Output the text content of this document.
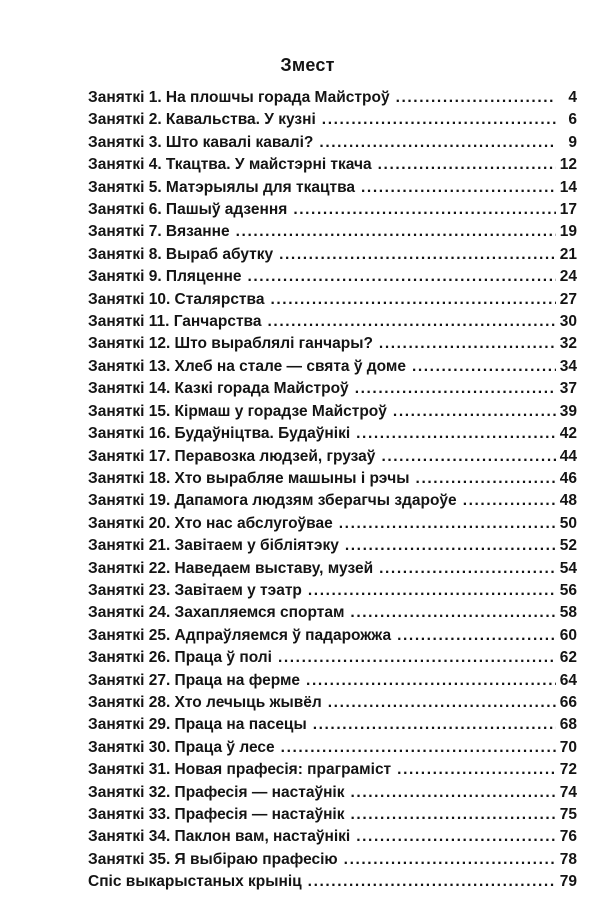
Змест
Заняткі 1. На плошчы горада Майстроў .....	4
Заняткі 2. Кавальства. У кузні .....	6
Заняткі 3. Што кавалі кавалі? .....	9
Заняткі 4. Ткацтва. У майстэрні ткача .....	12
Заняткі 5. Матэрыялы для ткацтва .....	14
Заняткі 6. Пашыў адзення .....	17
Заняткі 7. Вязанне .....	19
Заняткі 8. Выраб абутку .....	21
Заняткі 9. Пляценне .....	24
Заняткі 10. Сталярства .....	27
Заняткі 11. Ганчарства .....	30
Заняткі 12. Што выраблялі ганчары? .....	32
Заняткі 13. Хлеб на стале — свята ў доме .....	34
Заняткі 14. Казкі горада Майстроў .....	37
Заняткі 15. Кірмаш у горадзе Майстроў .....	39
Заняткі 16. Будаўніцтва. Будаўнікі .....	42
Заняткі 17. Перавозка людзей, грузаў .....	44
Заняткі 18. Хто вырабляе машыны і рэчы .....	46
Заняткі 19. Дапамога людзям зберагчы здароўе .....	48
Заняткі 20. Хто нас абслугоўвае .....	50
Заняткі 21. Завітаем у бібліятэку .....	52
Заняткі 22. Наведаем выставу, музей .....	54
Заняткі 23. Завітаем у тэатр .....	56
Заняткі 24. Захапляемся спортам .....	58
Заняткі 25. Адпраўляемся ў падарожжа .....	60
Заняткі 26. Праца ў полі .....	62
Заняткі 27. Праца на ферме .....	64
Заняткі 28. Хто лечыць жывёл .....	66
Заняткі 29. Праца на пасецы .....	68
Заняткі 30. Праца ў лесе .....	70
Заняткі 31. Новая прафесія: праграміст .....	72
Заняткі 32. Прафесія — настаўнік .....	74
Заняткі 33. Прафесія — настаўнік .....	75
Заняткі 34. Паклон вам, настаўнікі .....	76
Заняткі 35. Я выбіраю прафесію .....	78
Спіс выкарыстаных крыніц .....	79
